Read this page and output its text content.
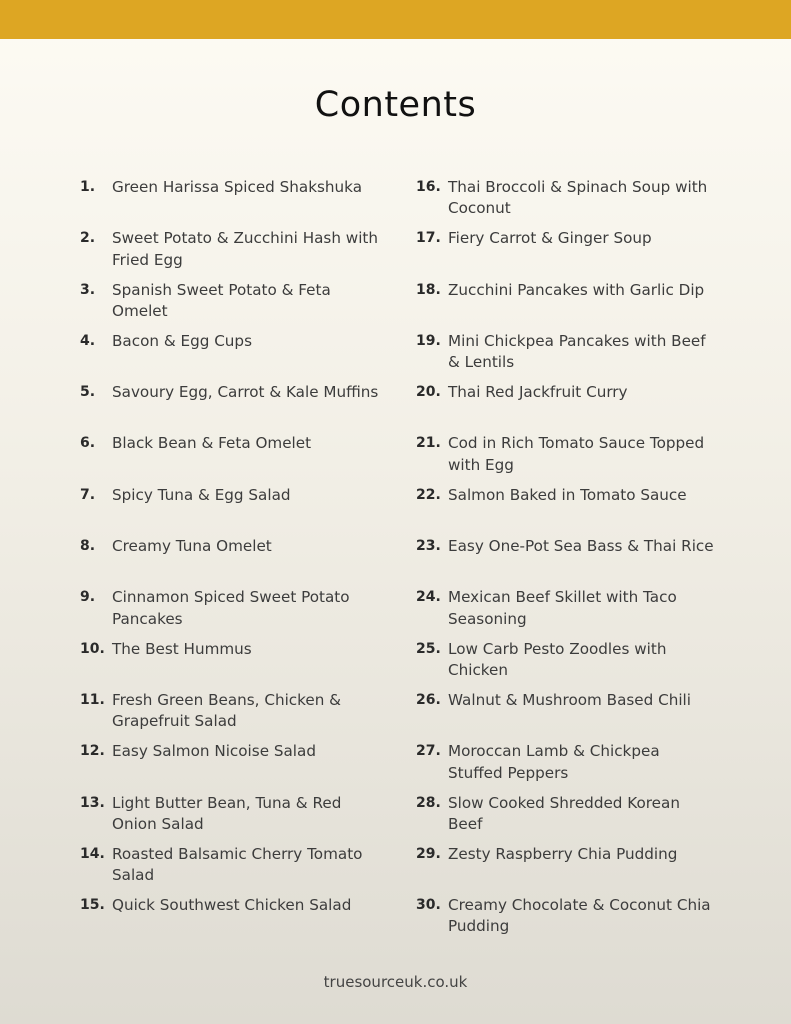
Contents
1. Green Harissa Spiced Shakshuka
2. Sweet Potato & Zucchini Hash with Fried Egg
3. Spanish Sweet Potato & Feta Omelet
4. Bacon & Egg Cups
5. Savoury Egg, Carrot & Kale Muffins
6. Black Bean & Feta Omelet
7. Spicy Tuna & Egg Salad
8. Creamy Tuna Omelet
9. Cinnamon Spiced Sweet Potato Pancakes
10. The Best Hummus
11. Fresh Green Beans, Chicken & Grapefruit Salad
12. Easy Salmon Nicoise Salad
13. Light Butter Bean, Tuna & Red Onion Salad
14. Roasted Balsamic Cherry Tomato Salad
15. Quick Southwest Chicken Salad
16. Thai Broccoli & Spinach Soup with Coconut
17. Fiery Carrot & Ginger Soup
18. Zucchini Pancakes with Garlic Dip
19. Mini Chickpea Pancakes with Beef & Lentils
20. Thai Red Jackfruit Curry
21. Cod in Rich Tomato Sauce Topped with Egg
22. Salmon Baked in Tomato Sauce
23. Easy One-Pot Sea Bass & Thai Rice
24. Mexican Beef Skillet with Taco Seasoning
25. Low Carb Pesto Zoodles with Chicken
26. Walnut & Mushroom Based Chili
27. Moroccan Lamb & Chickpea Stuffed Peppers
28. Slow Cooked Shredded Korean Beef
29. Zesty Raspberry Chia Pudding
30. Creamy Chocolate & Coconut Chia Pudding
truesourceuk.co.uk
